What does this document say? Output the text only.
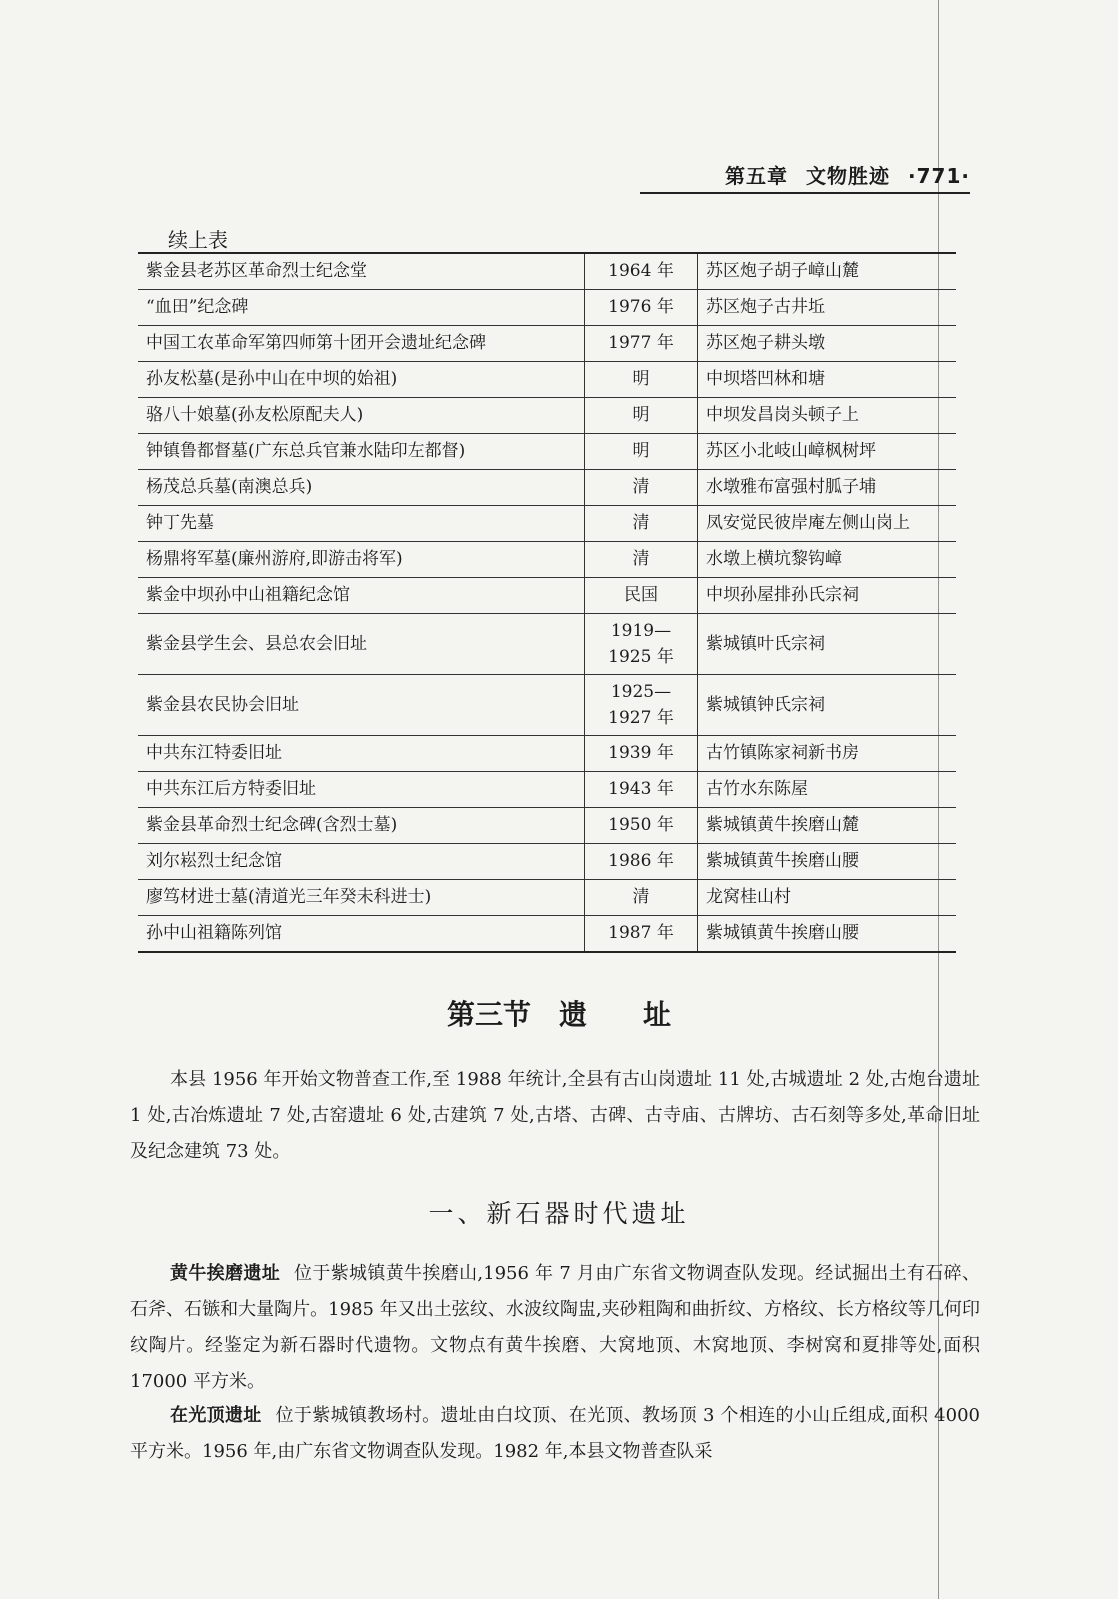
第五章 文物胜迹 ·771·
续上表
紫金县老苏区革命烈士纪念堂	1964 年	苏区炮子胡子嶂山麓
“血田”纪念碑	1976 年	苏区炮子古井坵
中国工农革命军第四师第十团开会遗址纪念碑	1977 年	苏区炮子耕头墩
孙友松墓(是孙中山在中坝的始祖)	明	中坝塔凹林和塘
骆八十娘墓(孙友松原配夫人)	明	中坝发昌岗头顿子上
钟镇鲁都督墓(广东总兵官兼水陆印左都督)	明	苏区小北岐山嶂枫树坪
杨茂总兵墓(南澳总兵)	清	水墩雅布富强村胍子埔
钟丁先墓	清	凤安觉民彼岸庵左侧山岗上
杨鼎将军墓(廉州游府,即游击将军)	清	水墩上横坑黎钩嶂
紫金中坝孙中山祖籍纪念馆	民国	中坝孙屋排孙氏宗祠
紫金县学生会、县总农会旧址	1919—
1925 年	紫城镇叶氏宗祠
紫金县农民协会旧址	1925—
1927 年	紫城镇钟氏宗祠
中共东江特委旧址	1939 年	古竹镇陈家祠新书房
中共东江后方特委旧址	1943 年	古竹水东陈屋
紫金县革命烈士纪念碑(含烈士墓)	1950 年	紫城镇黄牛挨磨山麓
刘尔崧烈士纪念馆	1986 年	紫城镇黄牛挨磨山腰
廖笃材进士墓(清道光三年癸未科进士)	清	龙窝桂山村
孙中山祖籍陈列馆	1987 年	紫城镇黄牛挨磨山腰
第三节 遗 址

本县 1956 年开始文物普查工作,至 1988 年统计,全县有古山岗遗址 11 处,古城遗址 2 处,古炮台遗址 1 处,古冶炼遗址 7 处,古窑遗址 6 处,古建筑 7 处,古塔、古碑、古寺庙、古牌坊、古石刻等多处,革命旧址及纪念建筑 73 处。

一、新石器时代遗址

黄牛挨磨遗址 位于紫城镇黄牛挨磨山,1956 年 7 月由广东省文物调查队发现。经试掘出土有石碎、石斧、石镞和大量陶片。1985 年又出土弦纹、水波纹陶盅,夹砂粗陶和曲折纹、方格纹、长方格纹等几何印纹陶片。经鉴定为新石器时代遗物。文物点有黄牛挨磨、大窝地顶、木窝地顶、李树窝和夏排等处,面积 17000 平方米。

在光顶遗址 位于紫城镇教场村。遗址由白坟顶、在光顶、教场顶 3 个相连的小山丘组成,面积 4000 平方米。1956 年,由广东省文物调查队发现。1982 年,本县文物普查队采
